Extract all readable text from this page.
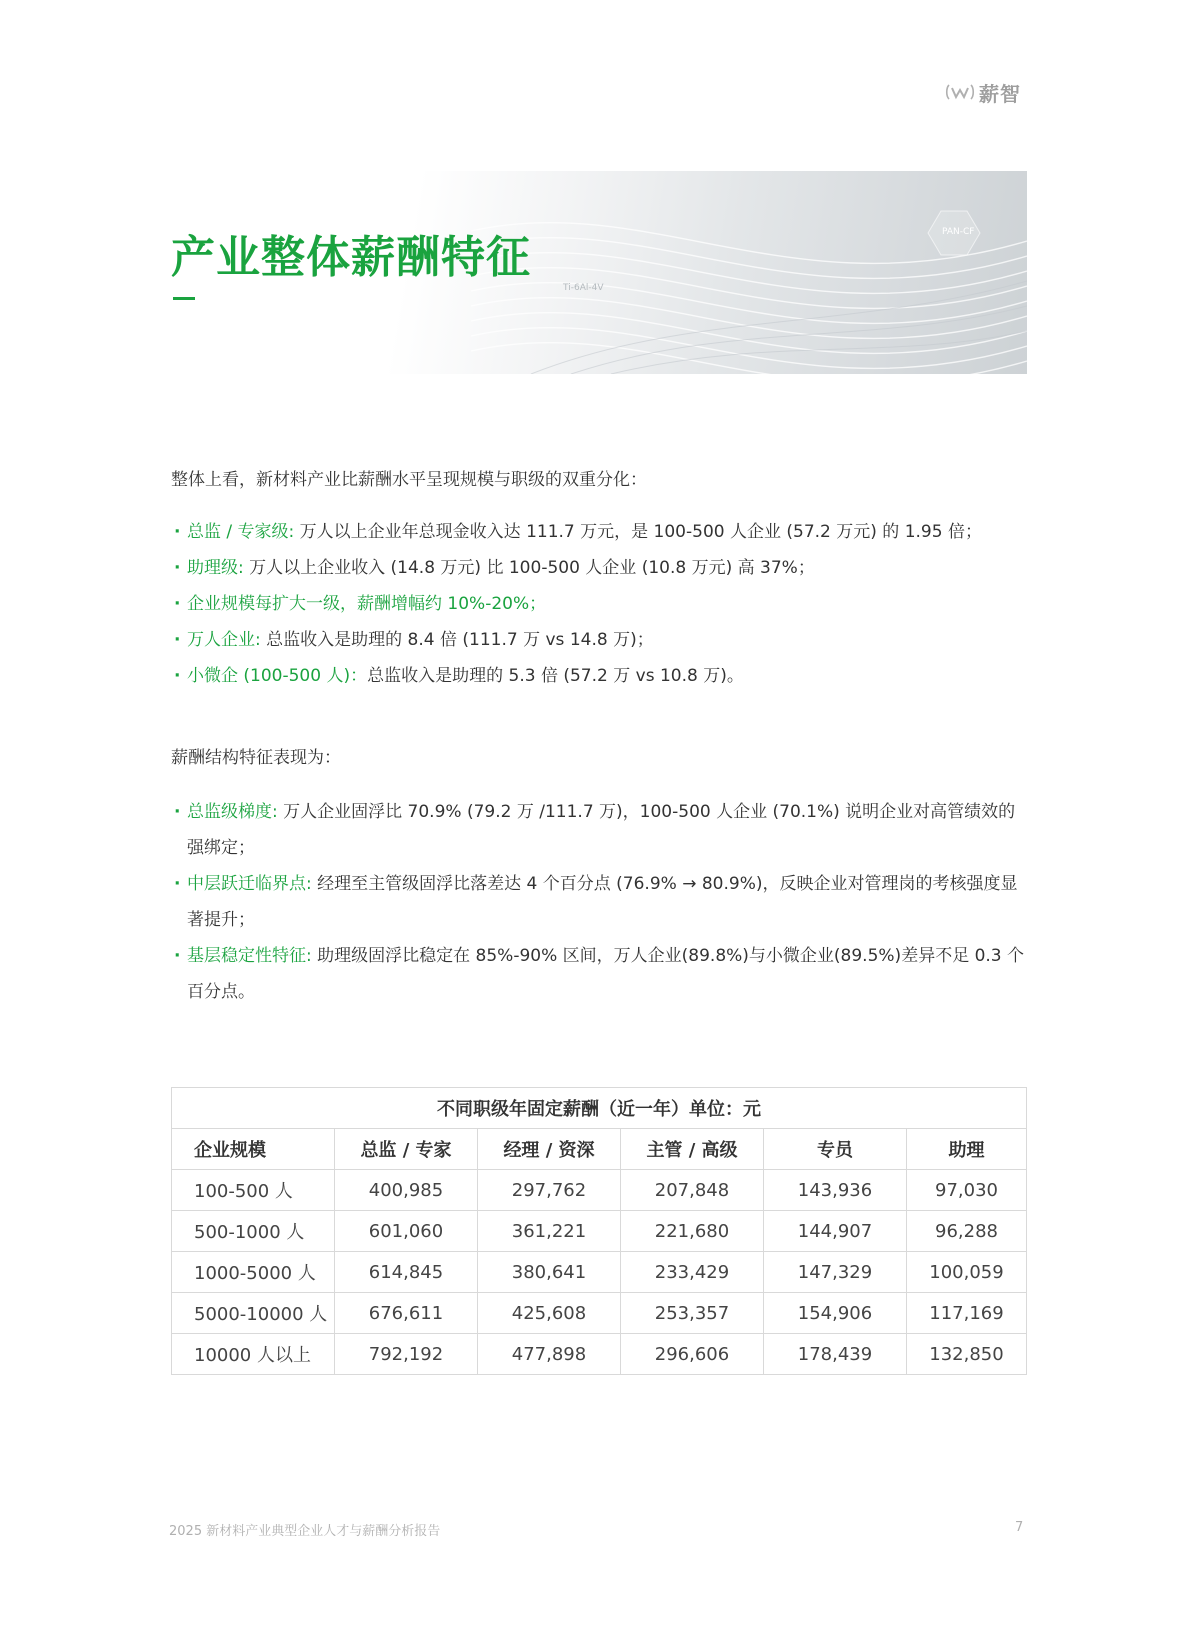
薪智
产业整体薪酬特征
Ti-6Al-4V
PAN-CF

整体上看，新材料产业比薪酬水平呈现规模与职级的双重分化：

· 总监 / 专家级: 万人以上企业年总现金收入达 111.7 万元，是 100-500 人企业 (57.2 万元) 的 1.95 倍；
· 助理级: 万人以上企业收入 (14.8 万元) 比 100-500 人企业 (10.8 万元) 高 37%；
· 企业规模每扩大一级，薪酬增幅约 10%-20%；
· 万人企业: 总监收入是助理的 8.4 倍 (111.7 万 vs 14.8 万)；
· 小微企 (100-500 人)：总监收入是助理的 5.3 倍 (57.2 万 vs 10.8 万)。

薪酬结构特征表现为：

· 总监级梯度: 万人企业固浮比 70.9% (79.2 万 /111.7 万)，100-500 人企业 (70.1%) 说明企业对高管绩效的强绑定；
· 中层跃迁临界点: 经理至主管级固浮比落差达 4 个百分点 (76.9% → 80.9%)，反映企业对管理岗的考核强度显著提升；
· 基层稳定性特征: 助理级固浮比稳定在 85%-90% 区间，万人企业(89.8%)与小微企业(89.5%)差异不足 0.3 个百分点。
不同职级年固定薪酬（近一年）单位：元					
企业规模	总监 / 专家	经理 / 资深	主管 / 高级	专员	助理
100-500 人	400,985	297,762	207,848	143,936	97,030
500-1000 人	601,060	361,221	221,680	144,907	96,288
1000-5000 人	614,845	380,641	233,429	147,329	100,059
5000-10000 人	676,611	425,608	253,357	154,906	117,169
10000 人以上	792,192	477,898	296,606	178,439	132,850
2025 新材料产业典型企业人才与薪酬分析报告	7
